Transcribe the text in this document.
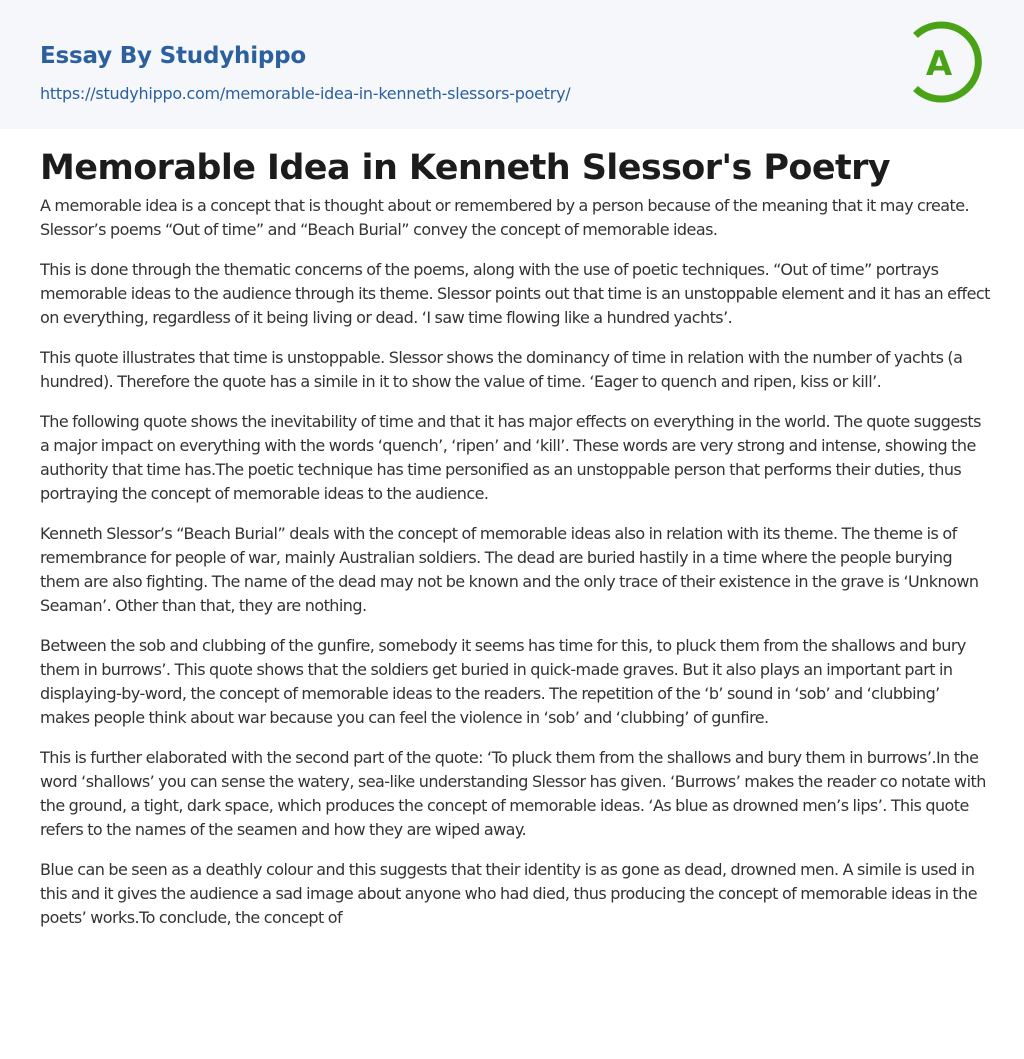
Essay By Studyhippo
https://studyhippo.com/memorable-idea-in-kenneth-slessors-poetry/
A
Memorable Idea in Kenneth Slessor's Poetry

A memorable idea is a concept that is thought about or remembered by a person because of the meaning that it may create. Slessor’s poems “Out of time” and “Beach Burial” convey the concept of memorable ideas.

This is done through the thematic concerns of the poems, along with the use of poetic techniques. “Out of time” portrays memorable ideas to the audience through its theme. Slessor points out that time is an unstoppable element and it has an effect on everything, regardless of it being living or dead. ‘I saw time flowing like a hundred yachts’.

This quote illustrates that time is unstoppable. Slessor shows the dominancy of time in relation with the number of yachts (a hundred). Therefore the quote has a simile in it to show the value of time. ‘Eager to quench and ripen, kiss or kill’.

The following quote shows the inevitability of time and that it has major effects on everything in the world. The quote suggests a major impact on everything with the words ‘quench’, ‘ripen’ and ‘kill’. These words are very strong and intense, showing the authority that time has.The poetic technique has time personified as an unstoppable person that performs their duties, thus portraying the concept of memorable ideas to the audience.

Kenneth Slessor’s “Beach Burial” deals with the concept of memorable ideas also in relation with its theme. The theme is of remembrance for people of war, mainly Australian soldiers. The dead are buried hastily in a time where the people burying them are also fighting. The name of the dead may not be known and the only trace of their existence in the grave is ‘Unknown Seaman’. Other than that, they are nothing.

Between the sob and clubbing of the gunfire, somebody it seems has time for this, to pluck them from the shallows and bury them in burrows’. This quote shows that the soldiers get buried in quick-made graves. But it also plays an important part in displaying-by-word, the concept of memorable ideas to the readers. The repetition of the ‘b’ sound in ‘sob’ and ‘clubbing’ makes people think about war because you can feel the violence in ‘sob’ and ‘clubbing’ of gunfire.

This is further elaborated with the second part of the quote: ‘To pluck them from the shallows and bury them in burrows’.In the word ‘shallows’ you can sense the watery, sea-like understanding Slessor has given. ‘Burrows’ makes the reader co notate with the ground, a tight, dark space, which produces the concept of memorable ideas. ‘As blue as drowned men’s lips’. This quote refers to the names of the seamen and how they are wiped away.

Blue can be seen as a deathly colour and this suggests that their identity is as gone as dead, drowned men. A simile is used in this and it gives the audience a sad image about anyone who had died, thus producing the concept of memorable ideas in the poets’ works.To conclude, the concept of
